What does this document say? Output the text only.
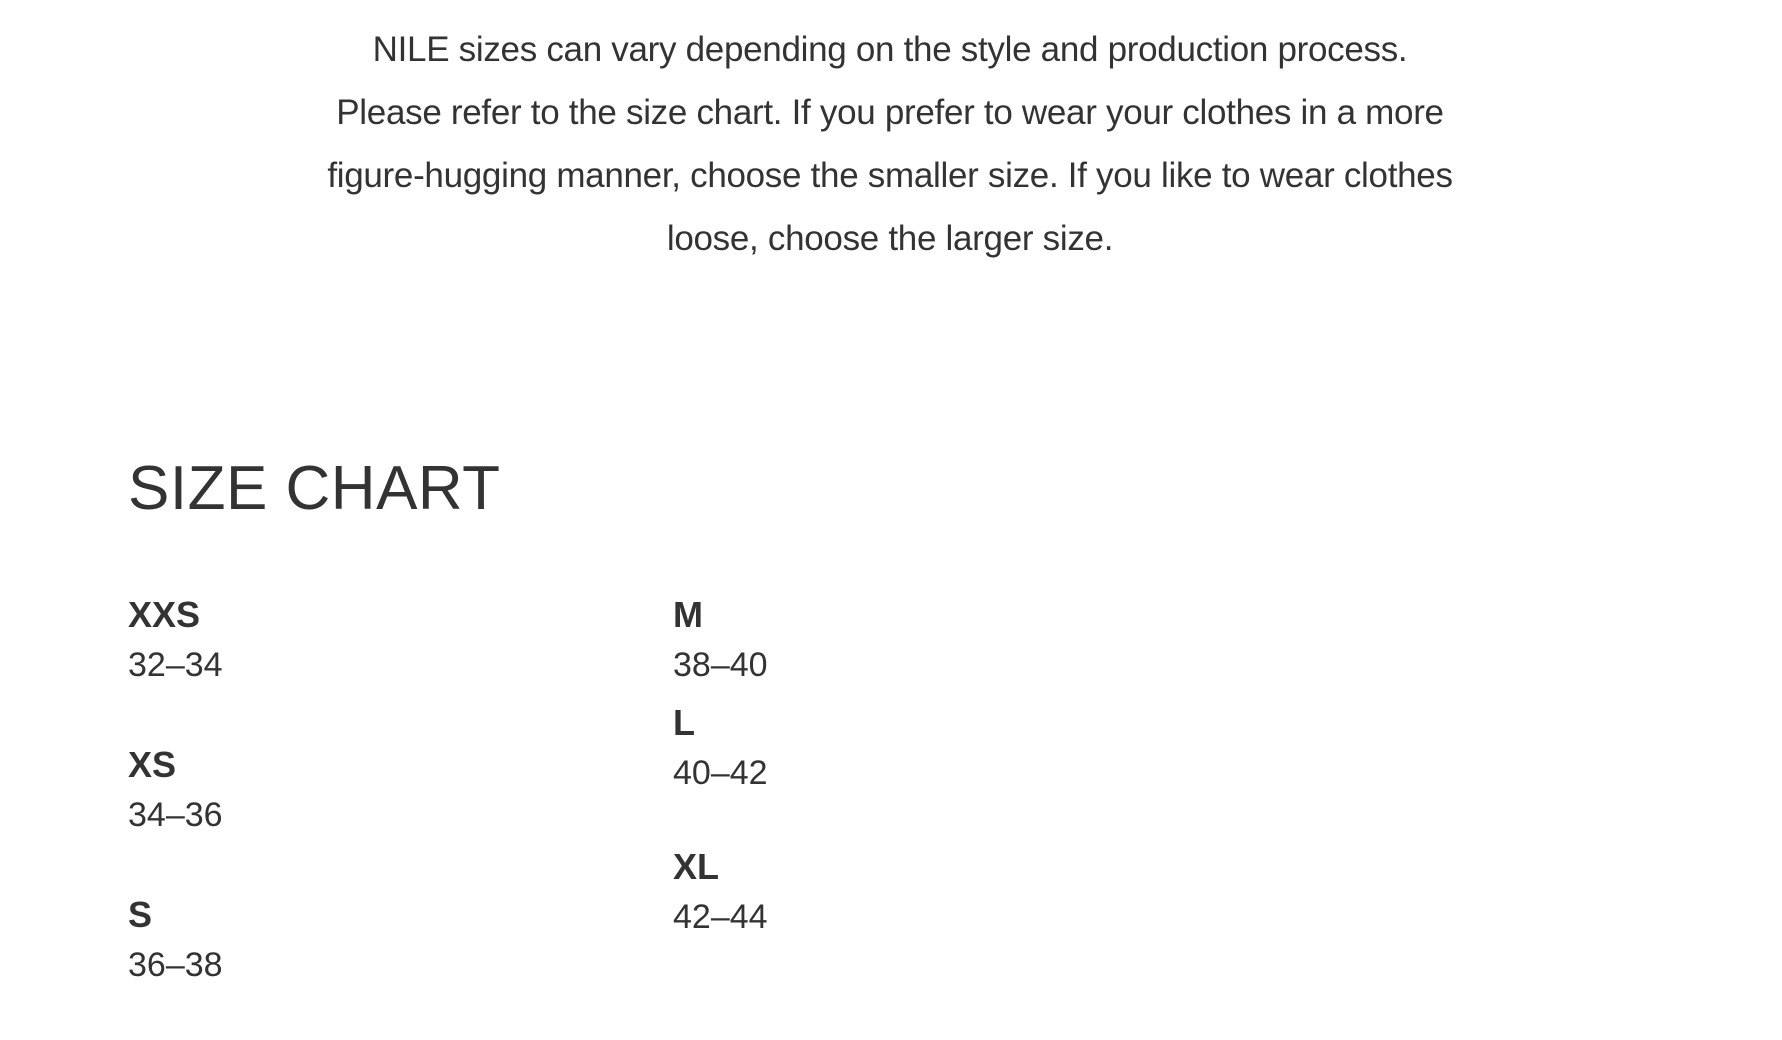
NILE sizes can vary depending on the style and production process. Please refer to the size chart. If you prefer to wear your clothes in a more figure-hugging manner, choose the smaller size. If you like to wear clothes loose, choose the larger size.

SIZE CHART
XXS
32–34
XS
34–36
S
36–38
M
38–40
L
40–42
XL
42–44
